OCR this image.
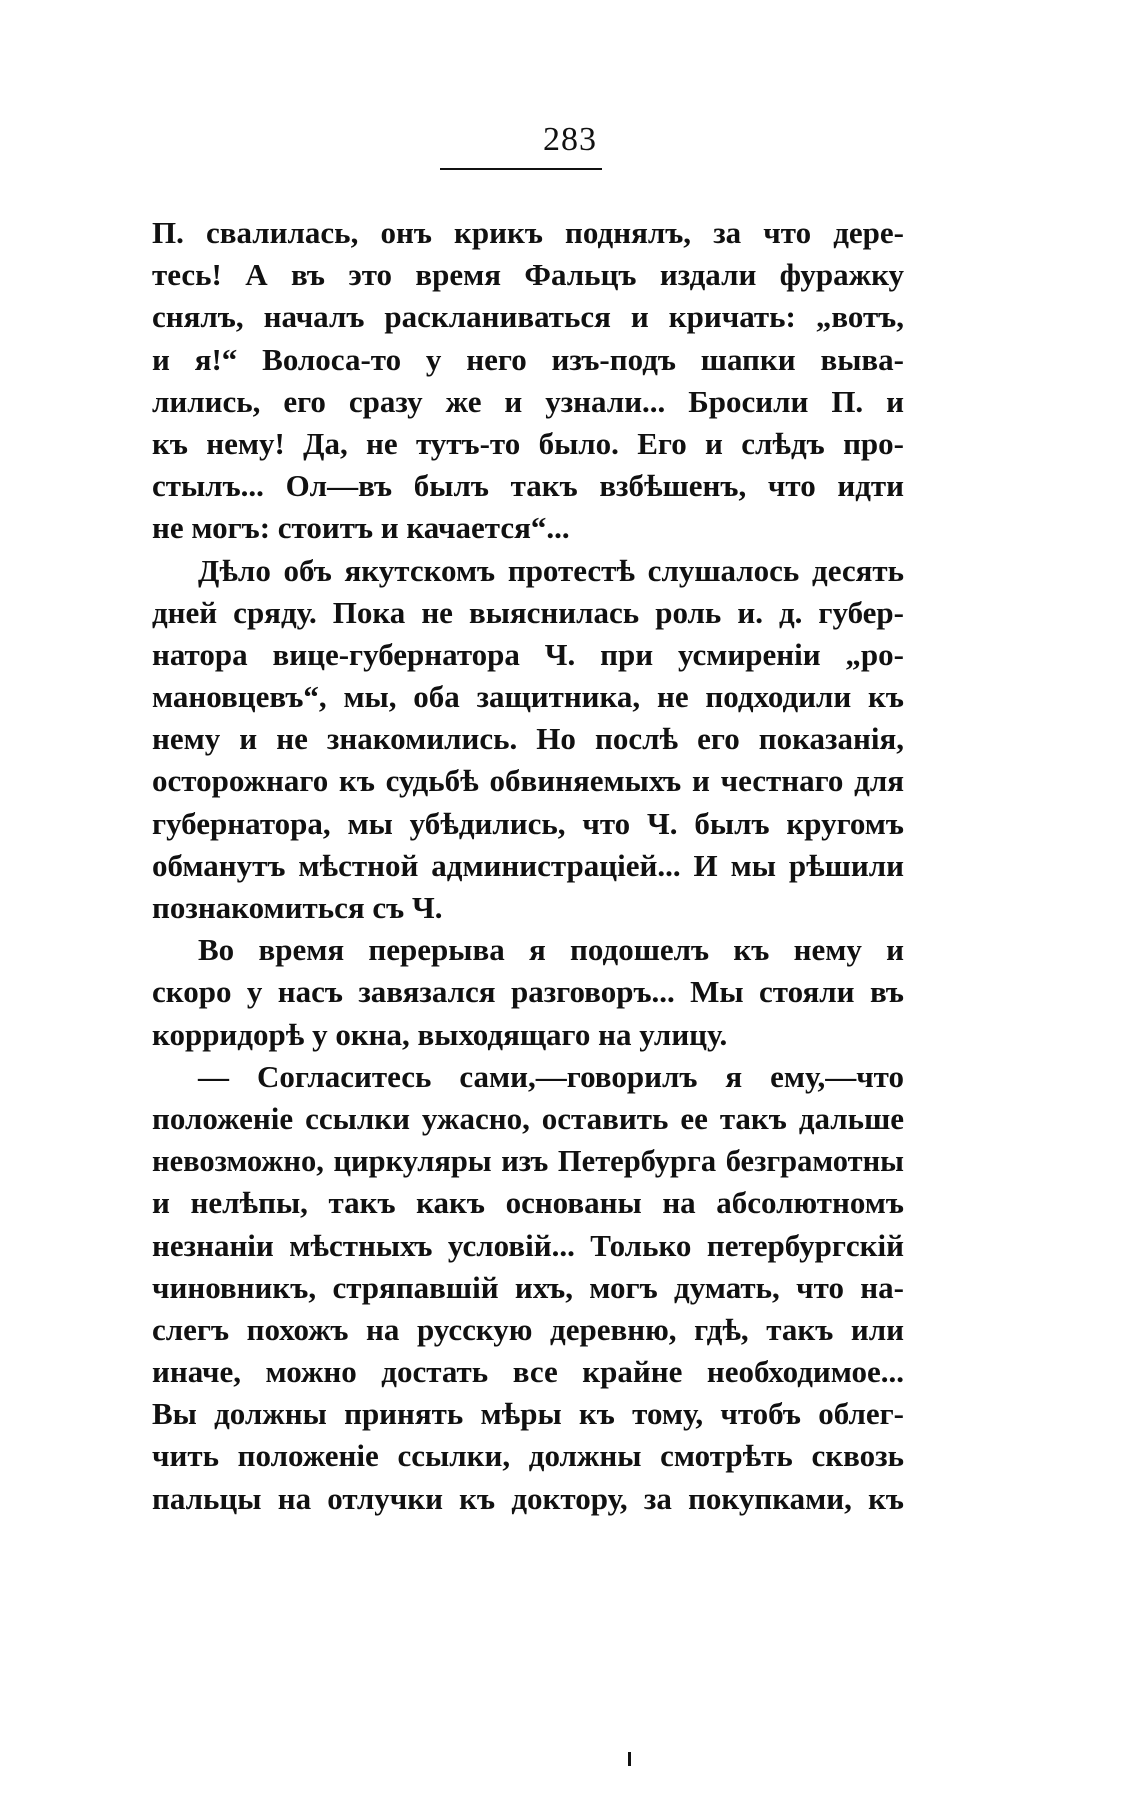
283
П. свалилась, онъ крикъ поднялъ, за что дере-
тесь! А въ это время Фальцъ издали фуражку
снялъ, началъ раскланиваться и кричать: „вотъ,
и я!“ Волоса-то у него изъ-подъ шапки выва-
лились, его сразу же и узнали... Бросили П. и
къ нему! Да, не тутъ-то было. Его и слѣдъ про-
стылъ... Ол—въ былъ такъ взбѣшенъ, что идти
не могъ: стоитъ и качается“...
Дѣло объ якутскомъ протестѣ слушалось десять
дней сряду. Пока не выяснилась роль и. д. губер-
натора вице-губернатора Ч. при усмиреніи „ро-
мановцевъ“, мы, оба защитника, не подходили къ
нему и не знакомились. Но послѣ его показанія,
осторожнаго къ судьбѣ обвиняемыхъ и честнаго для
губернатора, мы убѣдились, что Ч. былъ кругомъ
обманутъ мѣстной администраціей... И мы рѣшили
познакомиться съ Ч.
Во время перерыва я подошелъ къ нему и
скоро у насъ завязался разговоръ... Мы стояли въ
корридорѣ у окна, выходящаго на улицу.
— Согласитесь сами,—говорилъ я ему,—что
положеніе ссылки ужасно, оставить ее такъ дальше
невозможно, циркуляры изъ Петербурга безграмотны
и нелѣпы, такъ какъ основаны на абсолютномъ
незнаніи мѣстныхъ условій... Только петербургскій
чиновникъ, стряпавшій ихъ, могъ думать, что на-
слегъ похожъ на русскую деревню, гдѣ, такъ или
иначе, можно достать все крайне необходимое...
Вы должны принять мѣры къ тому, чтобъ облег-
чить положеніе ссылки, должны смотрѣть сквозь
пальцы на отлучки къ доктору, за покупками, къ
